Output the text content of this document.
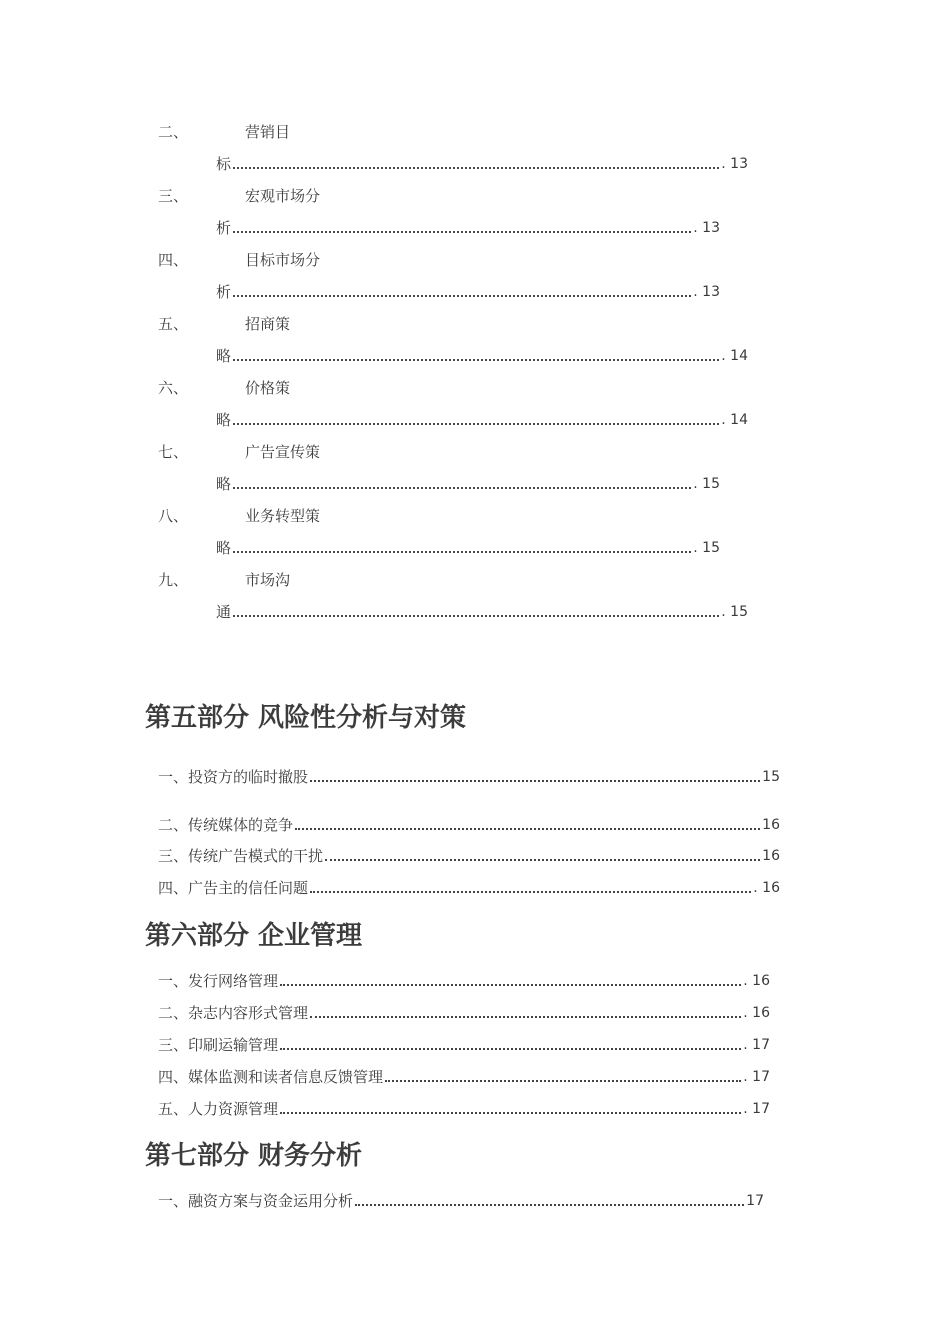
二、	营销目
标	. 13
三、	宏观市场分
析	. 13
四、	目标市场分
析	. 13
五、	招商策
略	. 14
六、	价格策
略	. 14
七、	广告宣传策
略	. 15
八、	业务转型策
略	. 15
九、	市场沟
通	. 15
第五部分 风险性分析与对策
一、投资方的临时撤股	15
二、传统媒体的竞争	16
三、传统广告模式的干扰	16
四、广告主的信任问题	. 16
第六部分 企业管理
一、发行网络管理	. 16
二、杂志内容形式管理	. 16
三、印刷运输管理	. 17
四、媒体监测和读者信息反馈管理	. 17
五、人力资源管理	. 17
第七部分 财务分析
一、融资方案与资金运用分析	17
